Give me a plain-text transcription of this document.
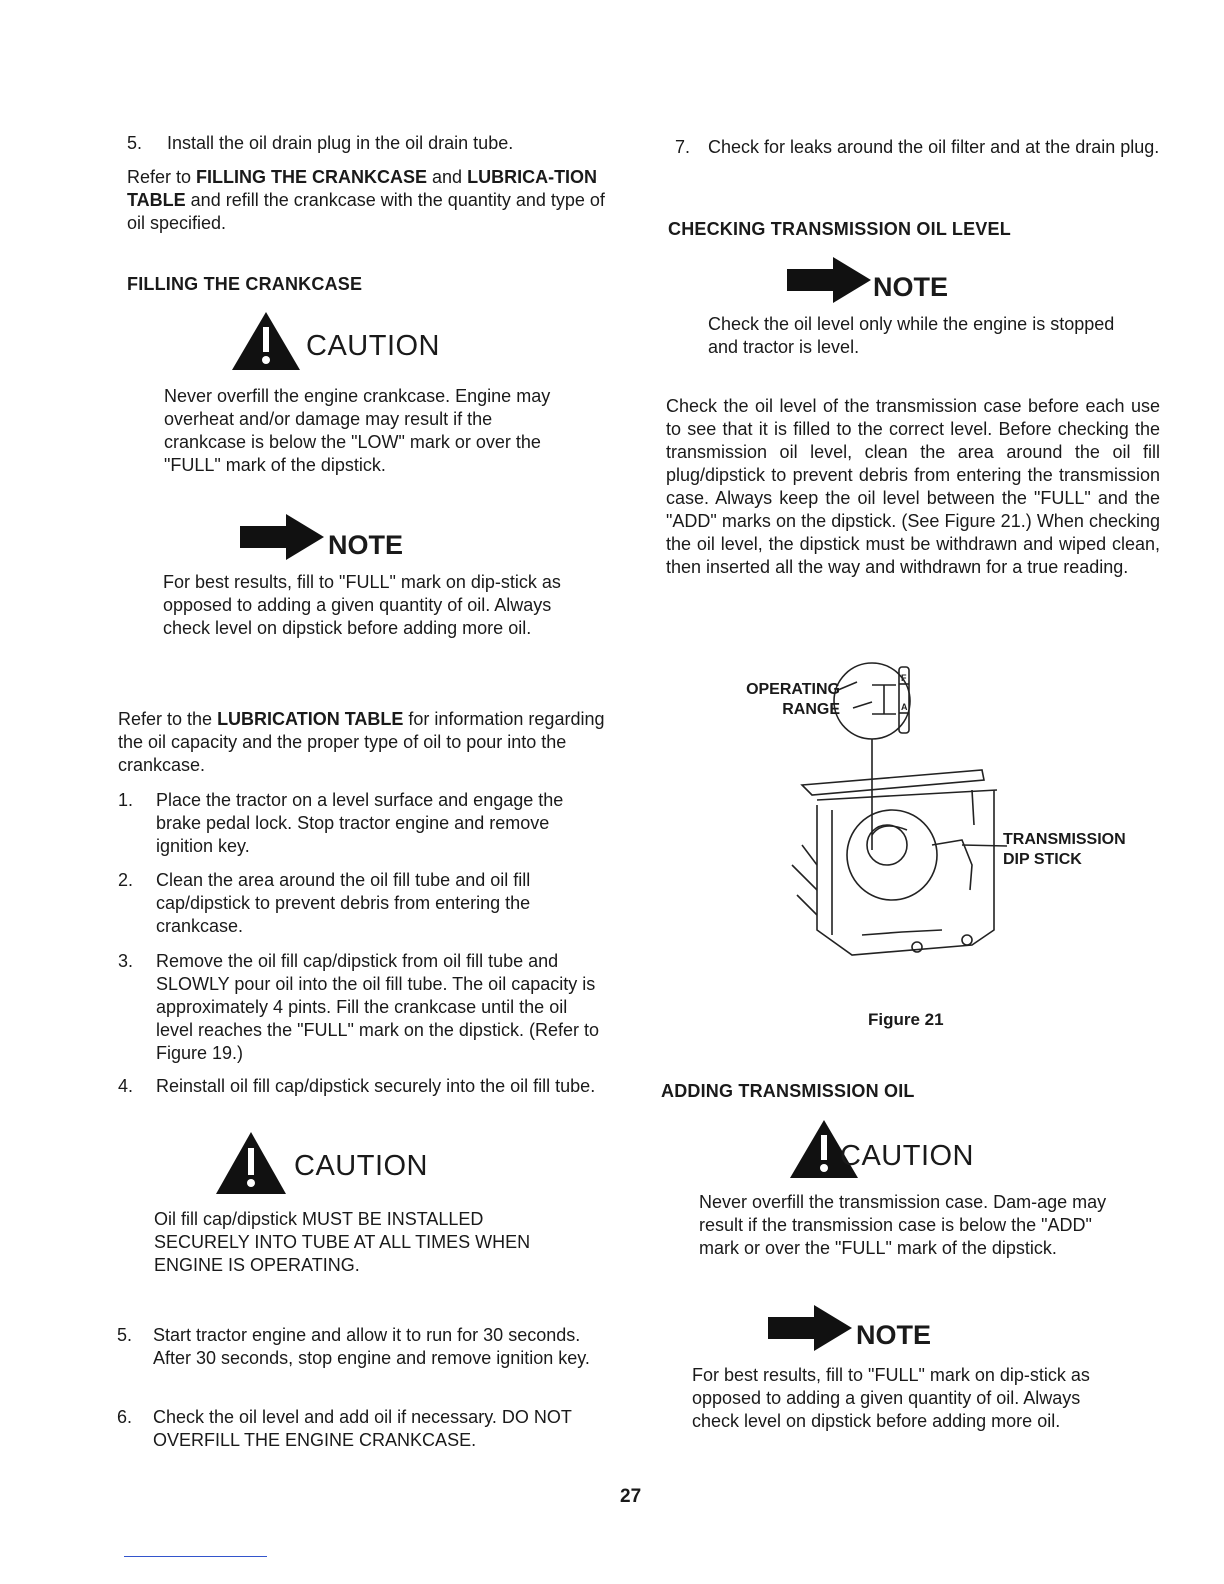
5. Install the oil drain plug in the oil drain tube.

Refer to FILLING THE CRANKCASE and LUBRICA-TION TABLE and refill the crankcase with the quantity and type of oil specified.

FILLING THE CRANKCASE
CAUTION

Never overfill the engine crankcase. Engine may overheat and/or damage may result if the crankcase is below the "LOW" mark or over the "FULL" mark of the dipstick.

NOTE

For best results, fill to "FULL" mark on dip-stick as opposed to adding a given quantity of oil. Always check level on dipstick before adding more oil.

Refer to the LUBRICATION TABLE for information regarding the oil capacity and the proper type of oil to pour into the crankcase.

1. Place the tractor on a level surface and engage the brake pedal lock. Stop tractor engine and remove ignition key.
2. Clean the area around the oil fill tube and oil fill cap/dipstick to prevent debris from entering the crankcase.
3. Remove the oil fill cap/dipstick from oil fill tube and SLOWLY pour oil into the oil fill tube. The oil capacity is approximately 4 pints. Fill the crankcase until the oil level reaches the "FULL" mark on the dipstick. (Refer to Figure 19.)
4. Reinstall oil fill cap/dipstick securely into the oil fill tube.
CAUTION

Oil fill cap/dipstick MUST BE INSTALLED SECURELY INTO TUBE AT ALL TIMES WHEN ENGINE IS OPERATING.

5. Start tractor engine and allow it to run for 30 seconds. After 30 seconds, stop engine and remove ignition key.
6. Check the oil level and add oil if necessary. DO NOT OVERFILL THE ENGINE CRANKCASE.
7. Check for leaks around the oil filter and at the drain plug.
CHECKING TRANSMISSION OIL LEVEL
NOTE

Check the oil level only while the engine is stopped and tractor is level.

Check the oil level of the transmission case before each use to see that it is filled to the correct level. Before checking the transmission oil level, clean the area around the oil fill plug/dipstick to prevent debris from entering the transmission case. Always keep the oil level between the "FULL" and the "ADD" marks on the dipstick. (See Figure 21.) When checking the oil level, the dipstick must be withdrawn and wiped clean, then inserted all the way and withdrawn for a true reading.

F
A
OPERATING
RANGE
TRANSMISSION
DIP STICK
Figure 21
ADDING TRANSMISSION OIL
CAUTION

Never overfill the transmission case. Dam-age may result if the transmission case is below the "ADD" mark or over the "FULL" mark of the dipstick.

NOTE

For best results, fill to "FULL" mark on dip-stick as opposed to adding a given quantity of oil. Always check level on dipstick before adding more oil.

27
